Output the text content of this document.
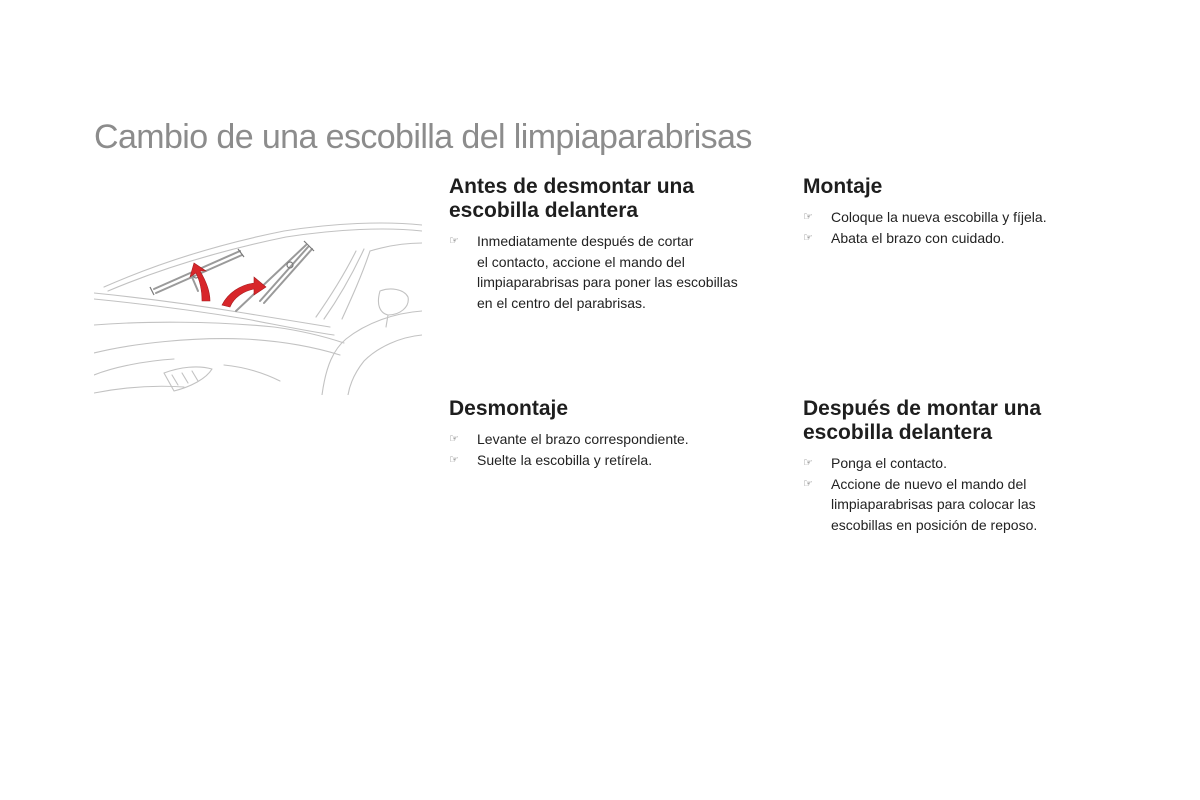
Cambio de una escobilla del limpiaparabrisas
Antes de desmontar una
escobilla delantera
☞ Inmediatamente después de cortar
el contacto, accione el mando del
limpiaparabrisas para poner las escobillas
en el centro del parabrisas.
Montaje
☞ Coloque la nueva escobilla y fíjela.
☞ Abata el brazo con cuidado.
Desmontaje
☞ Levante el brazo correspondiente.
☞ Suelte la escobilla y retírela.
Después de montar una
escobilla delantera
☞ Ponga el contacto.
☞ Accione de nuevo el mando del
limpiaparabrisas para colocar las
escobillas en posición de reposo.
